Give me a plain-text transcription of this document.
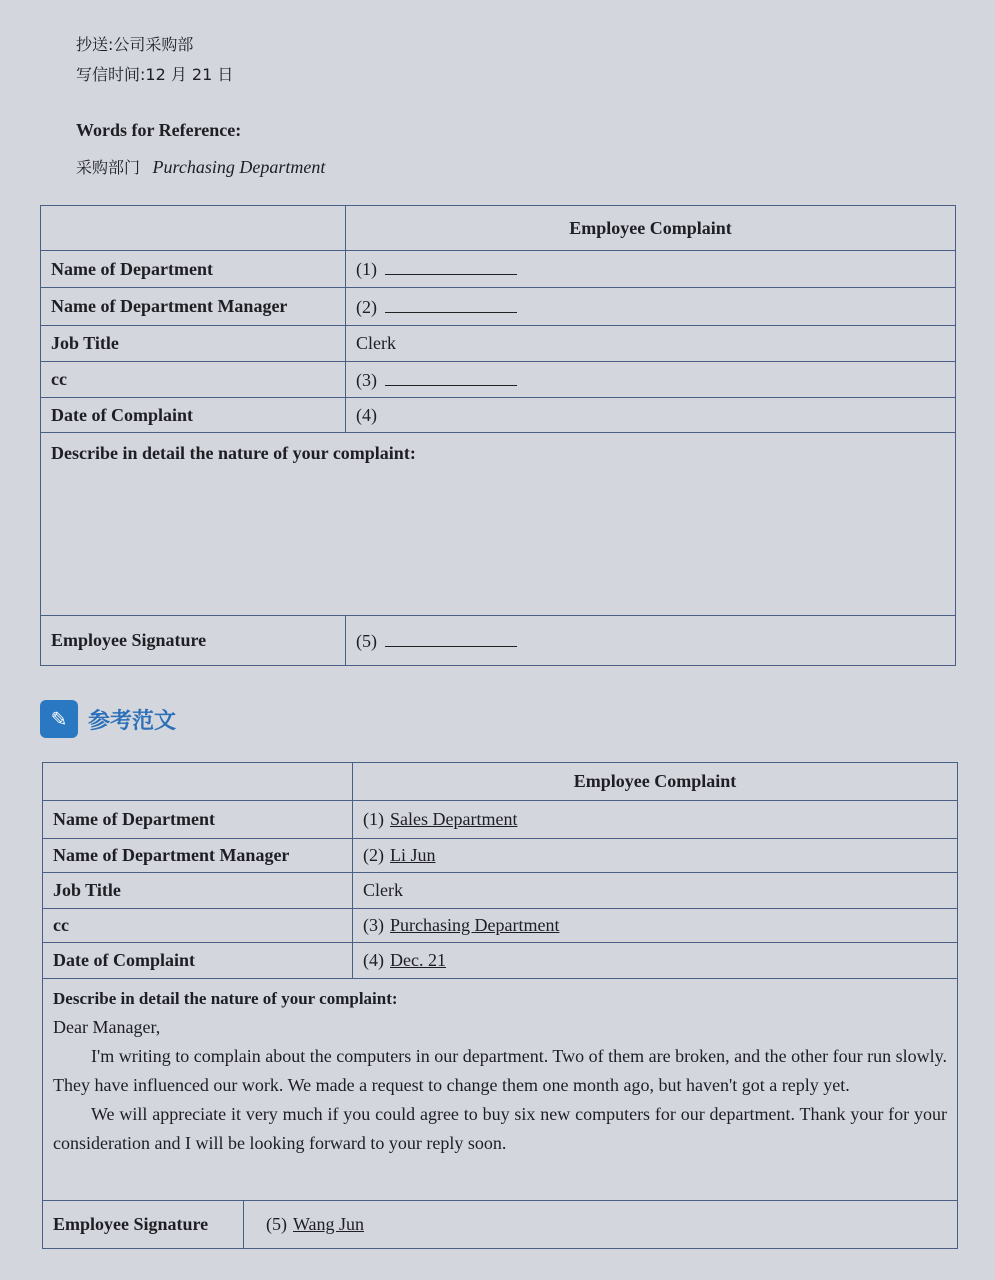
抄送:公司采购部
写信时间:12 月 21 日
Words for Reference:
采购部门 Purchasing Department
	Employee Complaint
Name of Department	(1)
Name of Department Manager	(2)
Job Title	Clerk
cc	(3)
Date of Complaint	(4)
Describe in detail the nature of your complaint:	
Employee Signature	(5)
✎ 参考范文
		Employee Complaint
Name of Department		(1) Sales Department
Name of Department Manager		(2) Li Jun
Job Title		Clerk
cc		(3) Purchasing Department
Date of Complaint		(4) Dec. 21

Describe in detail the nature of your complaint:

Dear Manager,

I'm writing to complain about the computers in our department. Two of them are broken, and the other four run slowly. They have influenced our work. We made a request to change them one month ago, but haven't got a reply yet.

We will appreciate it very much if you could agree to buy six new computers for our department. Thank your for your consideration and I will be looking forward to your reply soon.		

Employee Signature	(5) Wang Jun	
